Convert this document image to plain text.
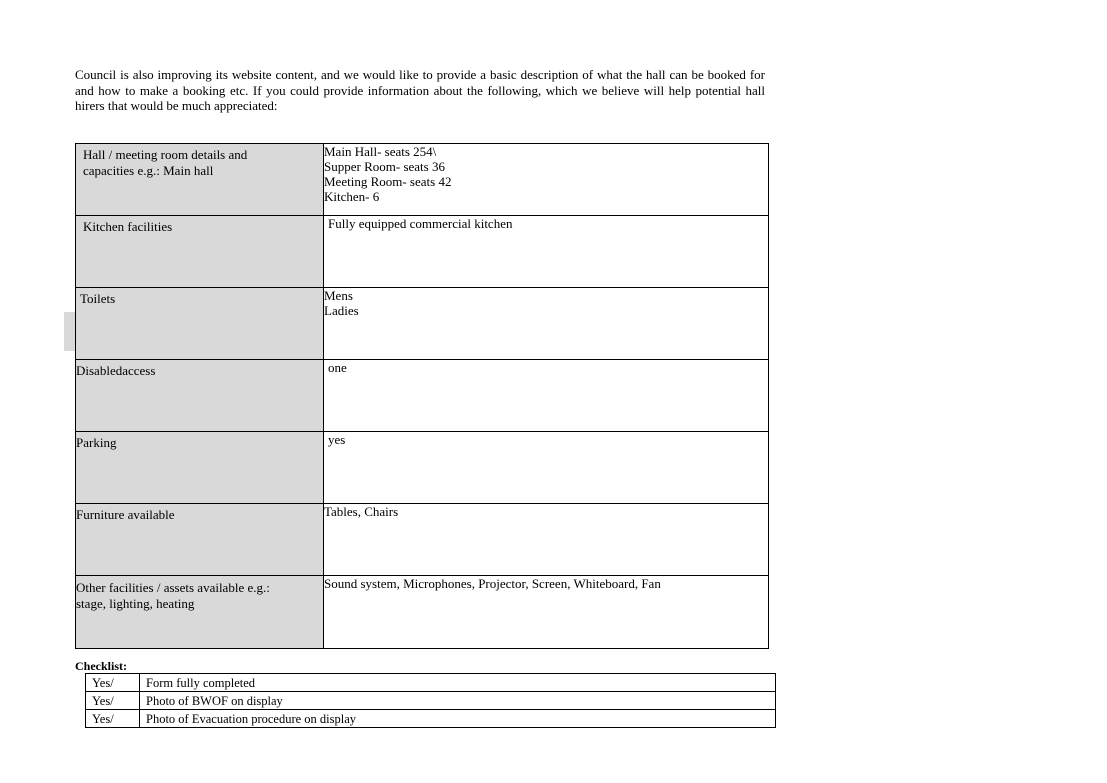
Council is also improving its website content, and we would like to provide a basic description of what the hall can be booked for and how to make a booking etc. If you could provide information about the following, which we believe will help potential hall hirers that would be much appreciated:

Hall / meeting room details and
capacities e.g.: Main hall	Main Hall- seats 254\
Supper Room- seats 36
Meeting Room- seats 42
Kitchen- 6

Kitchen facilities	Fully equipped commercial kitchen

Toilets	Mens
Ladies

Disabledaccess	one

Parking	yes

Furniture available	Tables, Chairs

Other facilities / assets available e.g.:
stage, lighting, heating	Sound system, Microphones, Projector, Screen, Whiteboard, Fan

Checklist:

Yes/	Form fully completed
Yes/	Photo of BWOF on display
Yes/	Photo of Evacuation procedure on display
